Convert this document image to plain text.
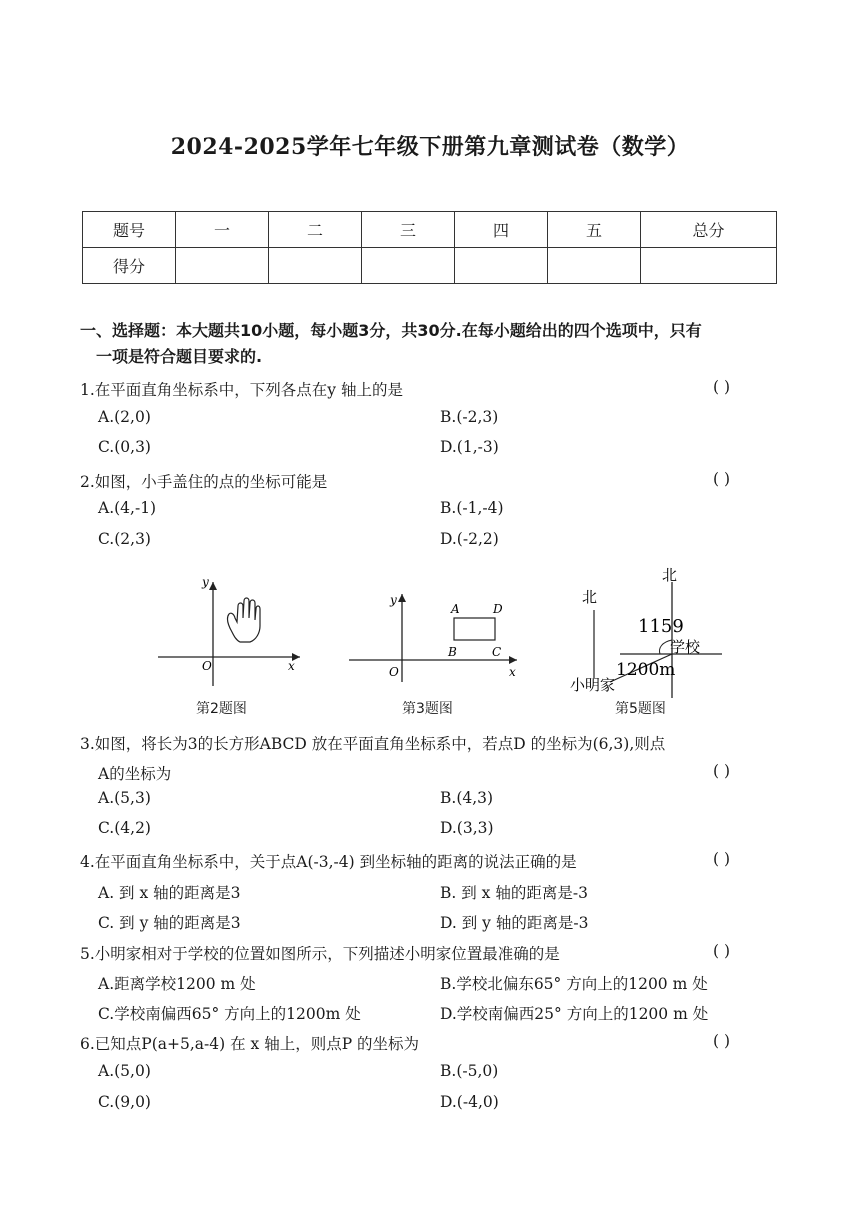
2024-2025学年七年级下册第九章测试卷（数学）
题号	一	二	三	四	五	总分
得分						
一、选择题：本大题共10小题，每小题3分，共30分.在每小题给出的四个选项中，只有
一项是符合题目要求的.
1.在平面直角坐标系中，下列各点在y 轴上的是	( )
A.(2,0)	B.(-2,3)
C.(0,3)	D.(1,-3)
2.如图，小手盖住的点的坐标可能是	( )
A.(4,-1)	B.(-1,-4)
C.(2,3)	D.(-2,2)
y
x
O
第2题图
y
x
O
A	D
B	C
第3题图
北
北
1159
学校
1200m
小明家
第5题图
3.如图，将长为3的长方形ABCD 放在平面直角坐标系中，若点D 的坐标为(6,3),则点
A的坐标为	( )
A.(5,3)	B.(4,3)
C.(4,2)	D.(3,3)
4.在平面直角坐标系中，关于点A(-3,-4) 到坐标轴的距离的说法正确的是	( )
A. 到 x 轴的距离是3	B. 到 x 轴的距离是-3
C. 到 y 轴的距离是3	D. 到 y 轴的距离是-3
5.小明家相对于学校的位置如图所示，下列描述小明家位置最准确的是	( )
A.距离学校1200 m 处	B.学校北偏东65° 方向上的1200 m 处
C.学校南偏西65° 方向上的1200m 处	D.学校南偏西25° 方向上的1200 m 处
6.已知点P(a+5,a-4) 在 x 轴上，则点P 的坐标为	( )
A.(5,0)	B.(-5,0)
C.(9,0)	D.(-4,0)
